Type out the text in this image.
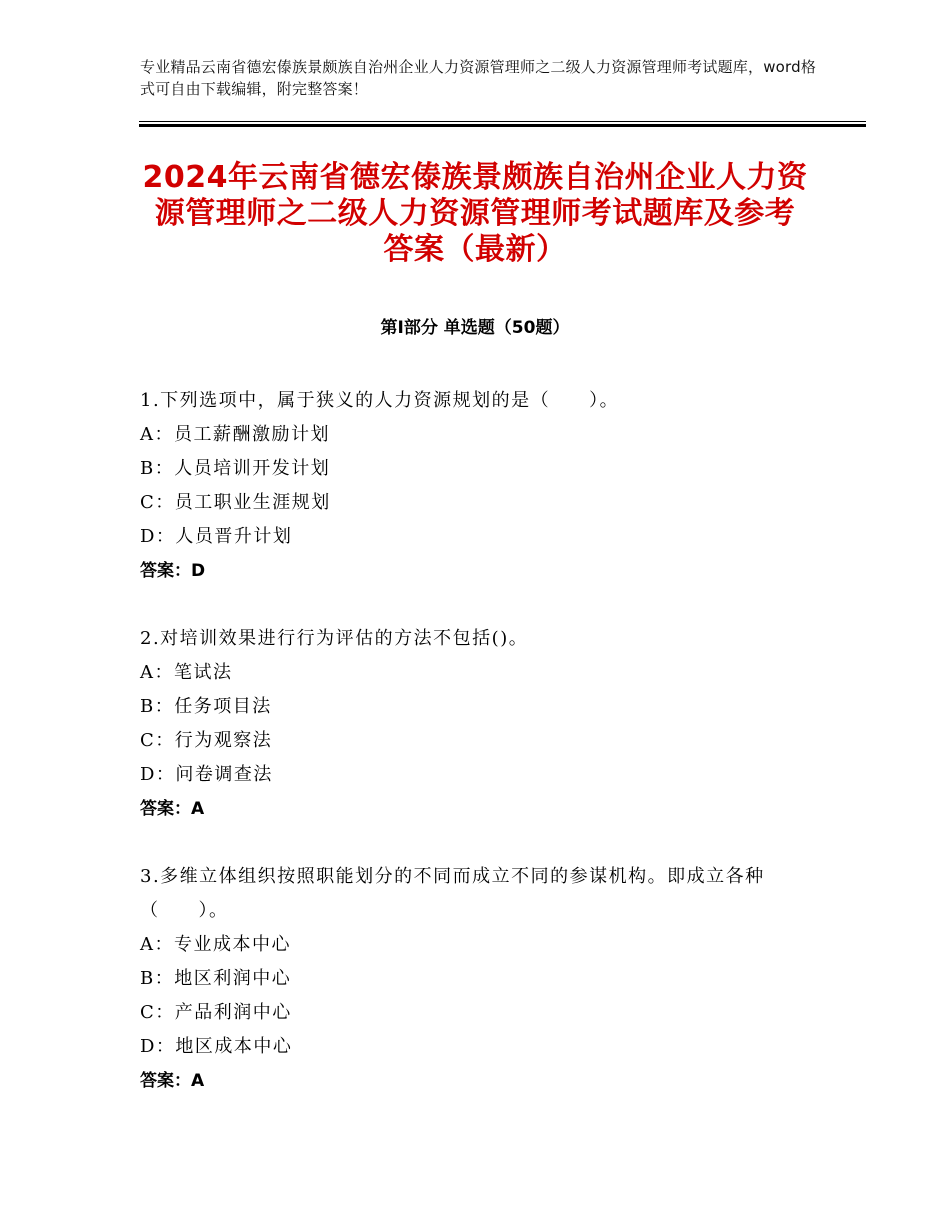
专业精品云南省德宏傣族景颇族自治州企业人力资源管理师之二级人力资源管理师考试题库，word格式可自由下载编辑，附完整答案！
2024年云南省德宏傣族景颇族自治州企业人力资源管理师之二级人力资源管理师考试题库及参考答案（最新）
第Ⅰ部分 单选题（50题）
1.下列选项中，属于狭义的人力资源规划的是（　　）。
A：员工薪酬激励计划
B：人员培训开发计划
C：员工职业生涯规划
D：人员晋升计划
答案：D
2.对培训效果进行行为评估的方法不包括()。
A：笔试法
B：任务项目法
C：行为观察法
D：问卷调查法
答案：A
3.多维立体组织按照职能划分的不同而成立不同的参谋机构。即成立各种（　　）。
A：专业成本中心
B：地区利润中心
C：产品利润中心
D：地区成本中心
答案：A
